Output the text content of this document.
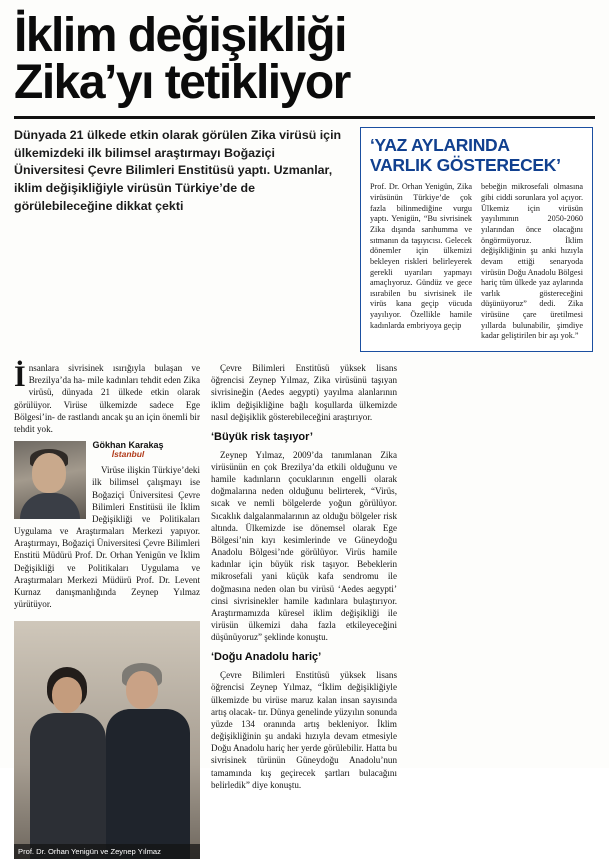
İklim değişikliği
Zika’yı tetikliyor
Dünyada 21 ülkede etkin olarak görülen Zika virüsü için ülkemizdeki ilk bilimsel araştırmayı Boğaziçi Üniversitesi Çevre Bilimleri Enstitüsü yaptı. Uzmanlar, iklim değişikliğiyle virüsün Türkiye’de de görülebileceğine dikkat çekti
‘YAZ AYLARINDA
VARLIK GÖSTERECEK’

Prof. Dr. Orhan Yenigün, Zika virüsünün Türkiye’de çok fazla bilinmediğine vurgu yaptı. Yenigün, “Bu sivrisinek Zika dışında sarıhumma ve sıtmanın da taşıyıcısı. Gelecek dönemler için ülkemizi bekleyen riskleri belirleyerek gerekli uyarıları yapmayı amaçlıyoruz. Gündüz ve gece ısırabilen bu sivrisinek ile virüs kana geçip vücuda yayılıyor. Özellikle hamile kadınlarda embriyoya geçip

bebeğin mikrosefali olmasına gibi ciddi sorunlara yol açıyor. Ülkemiz için virüsün yayılımının 2050-2060 yılarından önce olacağını öngörmüyoruz. İklim değişikliğinin şu anki hızıyla devam ettiği senaryoda virüsün Doğu Anadolu Bölgesi hariç tüm ülkede yaz aylarında varlık göstereceğini düşünüyoruz” dedi. Zika virüsüne çare üretilmesi yıllarda bulunabilir, şimdiye kadar geliştirilen bir aşı yok.”

İnsanlara sivrisinek ısırığıyla bulaşan ve Brezilya’da ha- mile kadınları tehdit eden Zika virüsü, dünyada 21 ülkede etkin olarak görülüyor. Virüse ülkemizde sadece Ege Bölgesi’in- de rastlandı ancak şu an için önemli bir tehdit yok.

Gökhan Karakaş
İstanbul

Virüse ilişkin Türkiye’deki ilk bilimsel çalışmayı ise Boğaziçi Üniversitesi Çevre Bilimleri Enstitüsü ile İklim Değişikliği ve Politikaları Uygulama ve Araştırmaları Merkezi yapıyor. Araştırmayı, Boğaziçi Üniversitesi Çevre Bilimleri Enstitü Müdürü Prof. Dr. Orhan Yenigün ve İklim Değişikliği ve Politikaları Uygulama ve Araştırmaları Merkezi Müdürü Prof. Dr. Levent Kurnaz danışmanlığında Zeynep Yılmaz yürütüyor.

Prof. Dr. Orhan Yenigün ve Zeynep Yılmaz

Çevre Bilimleri Enstitüsü yüksek lisans öğrencisi Zeynep Yılmaz, Zika virüsünü taşıyan sivrisineğin (Aedes aegypti) yayılma alanlarının iklim değişikliğine bağlı koşullarda ülkemizde nasıl değişiklik gösterebileceğini araştırıyor.

‘Büyük risk taşıyor’

Zeynep Yılmaz, 2009’da tanımlanan Zika virüsünün en çok Brezilya’da etkili olduğunu ve hamile kadınların çocuklarının engelli olarak doğmalarına neden olduğunu belirterek, “Virüs, sıcak ve nemli bölgelerde yoğun görülüyor. Sıcaklık dalgalanmalarının az olduğu bölgeler risk altında. Ülkemizde ise dönemsel olarak Ege Bölgesi’nin kıyı kesimlerinde ve Güneydoğu Anadolu Bölgesi’nde görülüyor. Virüs hamile kadınlar için büyük risk taşıyor. Bebeklerin mikrosefali yani küçük kafa sendromu ile doğmasına neden olan bu virüsü ‘Aedes aegypti’ cinsi sivrisinekler hamile kadınlara bulaştırıyor. Araştırmamızda küresel iklim değişikliği ile virüsün ülkemizi daha fazla etkileyeceğini düşünüyoruz” şeklinde konuştu.

‘Doğu Anadolu hariç’

Çevre Bilimleri Enstitüsü yüksek lisans öğrencisi Zeynep Yılmaz, “İklim değişikliğiyle ülkemizde bu virüse maruz kalan insan sayısında artış olacak- tır. Dünya genelinde yüzyılın sonunda yüzde 134 oranında artış bekleniyor. İklim değişikliğinin şu andaki hızıyla devam etmesiyle Doğu Anadolu hariç her yerde görülebilir. Hatta bu sivrisinek türünün Güneydoğu Anadolu’nun tamamında kış geçirecek şartları bulacağını belirledik” diye konuştu.
